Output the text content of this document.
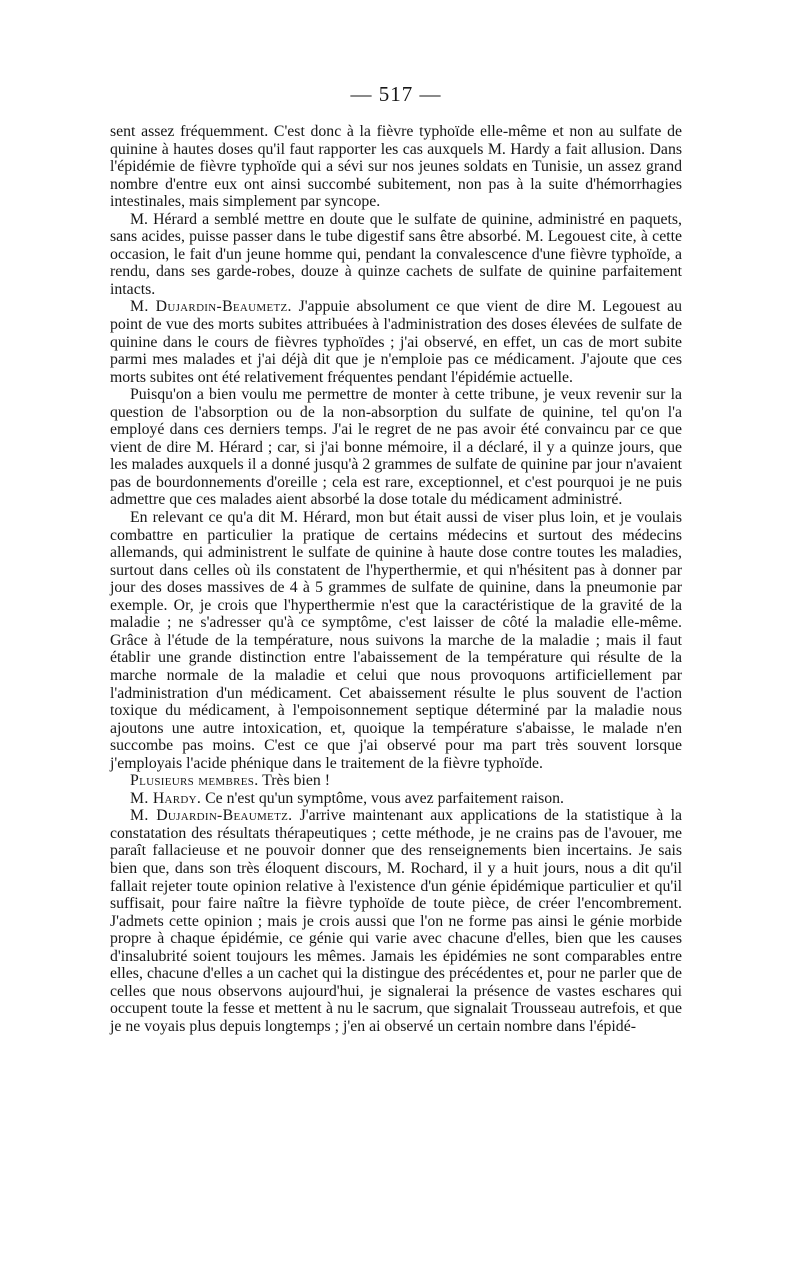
— 517 —

sent assez fréquemment. C'est donc à la fièvre typhoïde elle-même et non au sulfate de quinine à hautes doses qu'il faut rapporter les cas auxquels M. Hardy a fait allusion. Dans l'épidémie de fièvre typhoïde qui a sévi sur nos jeunes soldats en Tunisie, un assez grand nombre d'entre eux ont ainsi succombé subitement, non pas à la suite d'hémorrhagies intestinales, mais simplement par syncope.

M. Hérard a semblé mettre en doute que le sulfate de quinine, administré en paquets, sans acides, puisse passer dans le tube digestif sans être absorbé. M. Legouest cite, à cette occasion, le fait d'un jeune homme qui, pendant la convalescence d'une fièvre typhoïde, a rendu, dans ses garde-robes, douze à quinze cachets de sulfate de quinine parfaitement intacts.

M. Dujardin-Beaumetz. J'appuie absolument ce que vient de dire M. Legouest au point de vue des morts subites attribuées à l'administration des doses élevées de sulfate de quinine dans le cours de fièvres typhoïdes ; j'ai observé, en effet, un cas de mort subite parmi mes malades et j'ai déjà dit que je n'emploie pas ce médicament. J'ajoute que ces morts subites ont été relativement fréquentes pendant l'épidémie actuelle.

Puisqu'on a bien voulu me permettre de monter à cette tribune, je veux revenir sur la question de l'absorption ou de la non-absorption du sulfate de quinine, tel qu'on l'a employé dans ces derniers temps. J'ai le regret de ne pas avoir été convaincu par ce que vient de dire M. Hérard ; car, si j'ai bonne mémoire, il a déclaré, il y a quinze jours, que les malades auxquels il a donné jusqu'à 2 grammes de sulfate de quinine par jour n'avaient pas de bourdonnements d'oreille ; cela est rare, exceptionnel, et c'est pourquoi je ne puis admettre que ces malades aient absorbé la dose totale du médicament administré.

En relevant ce qu'a dit M. Hérard, mon but était aussi de viser plus loin, et je voulais combattre en particulier la pratique de certains médecins et surtout des médecins allemands, qui administrent le sulfate de quinine à haute dose contre toutes les maladies, surtout dans celles où ils constatent de l'hyperthermie, et qui n'hésitent pas à donner par jour des doses massives de 4 à 5 grammes de sulfate de quinine, dans la pneumonie par exemple. Or, je crois que l'hyperthermie n'est que la caractéristique de la gravité de la maladie ; ne s'adresser qu'à ce symptôme, c'est laisser de côté la maladie elle-même. Grâce à l'étude de la température, nous suivons la marche de la maladie ; mais il faut établir une grande distinction entre l'abaissement de la température qui résulte de la marche normale de la maladie et celui que nous provoquons artificiellement par l'administration d'un médicament. Cet abaissement résulte le plus souvent de l'action toxique du médicament, à l'empoisonnement septique déterminé par la maladie nous ajoutons une autre intoxication, et, quoique la température s'abaisse, le malade n'en succombe pas moins. C'est ce que j'ai observé pour ma part très souvent lorsque j'employais l'acide phénique dans le traitement de la fièvre typhoïde.

Plusieurs membres. Très bien !

M. Hardy. Ce n'est qu'un symptôme, vous avez parfaitement raison.

M. Dujardin-Beaumetz. J'arrive maintenant aux applications de la statistique à la constatation des résultats thérapeutiques ; cette méthode, je ne crains pas de l'avouer, me paraît fallacieuse et ne pouvoir donner que des renseignements bien incertains. Je sais bien que, dans son très éloquent discours, M. Rochard, il y a huit jours, nous a dit qu'il fallait rejeter toute opinion relative à l'existence d'un génie épidémique particulier et qu'il suffisait, pour faire naître la fièvre typhoïde de toute pièce, de créer l'encombrement. J'admets cette opinion ; mais je crois aussi que l'on ne forme pas ainsi le génie morbide propre à chaque épidémie, ce génie qui varie avec chacune d'elles, bien que les causes d'insalubrité soient toujours les mêmes. Jamais les épidémies ne sont comparables entre elles, chacune d'elles a un cachet qui la distingue des précédentes et, pour ne parler que de celles que nous observons aujourd'hui, je signalerai la présence de vastes eschares qui occupent toute la fesse et mettent à nu le sacrum, que signalait Trousseau autrefois, et que je ne voyais plus depuis longtemps ; j'en ai observé un certain nombre dans l'épidé-
